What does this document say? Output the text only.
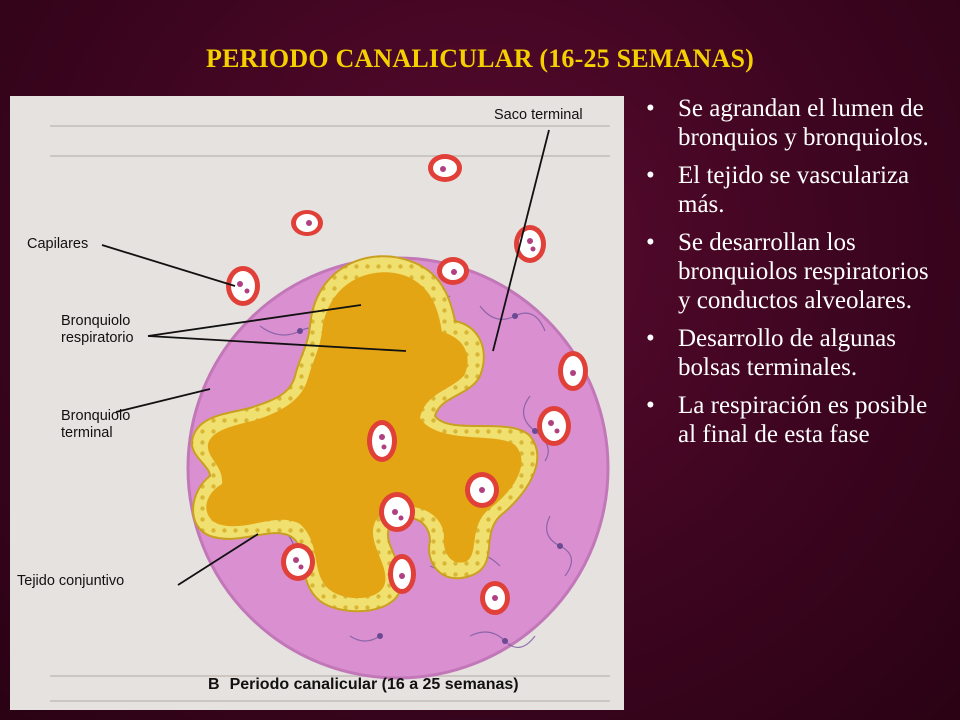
PERIODO CANALICULAR (16-25 SEMANAS)
Saco terminal
Capilares
Bronquiolo
respiratorio
Bronquiolo
terminal
Tejido conjuntivo
B Periodo canalicular (16 a 25 semanas)
• Se agrandan el lumen de bronquios y bronquiolos.
• El tejido se vasculariza más.
• Se desarrollan los bronquiolos respiratorios y conductos alveolares.
• Desarrollo de algunas bolsas terminales.
• La respiración es posible al final de esta fase
